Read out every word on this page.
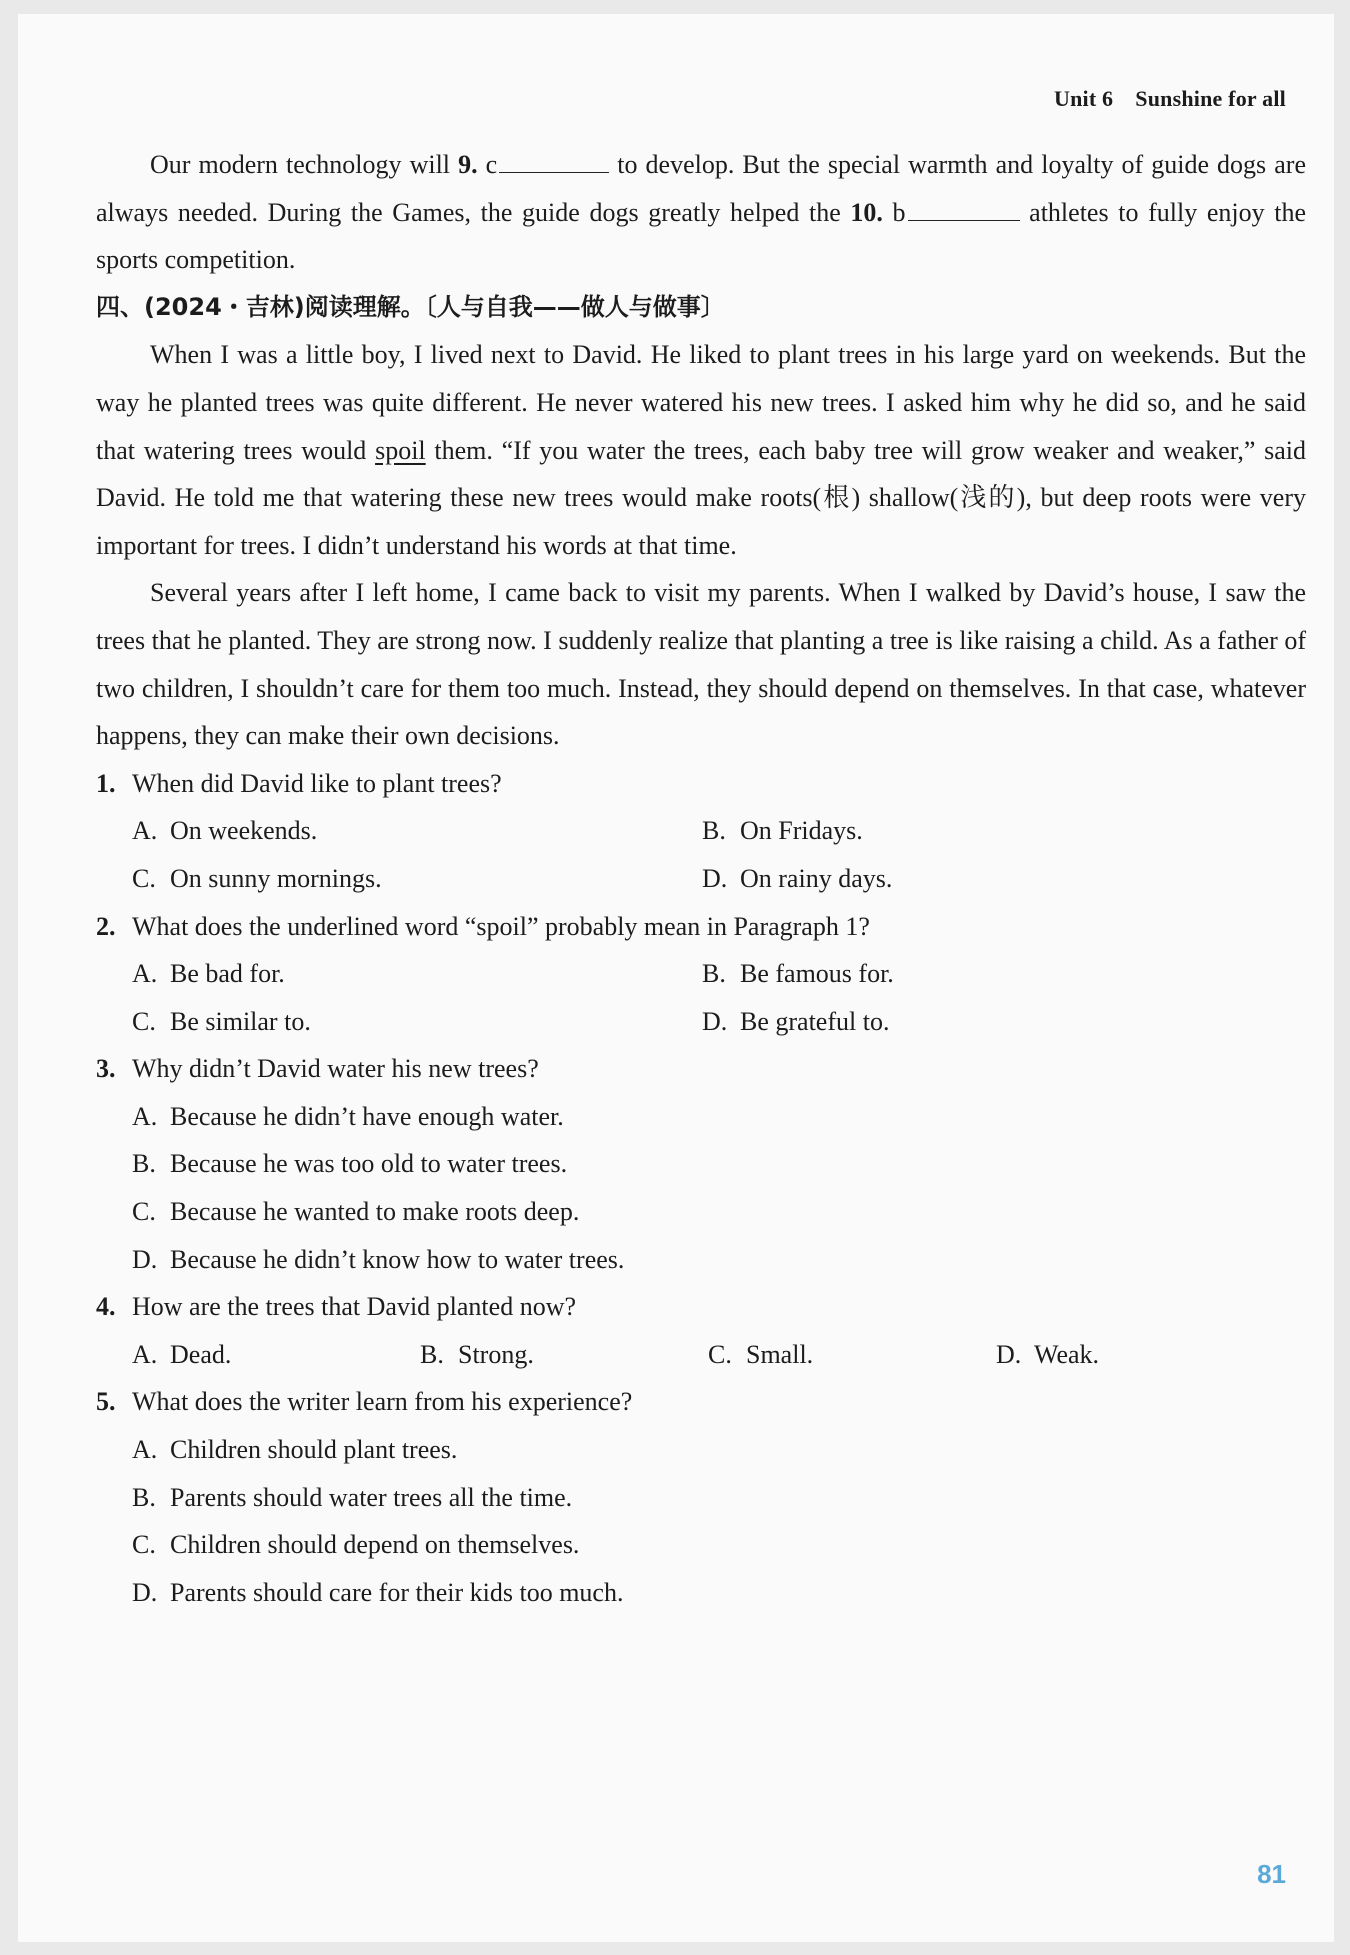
Unit 6 Sunshine for all

Our modern technology will 9. c	to develop. But the special warmth and loyalty of guide dogs are always needed. During the Games, the guide dogs greatly helped the 10. b	athletes to fully enjoy the sports competition.

四、(2024・吉林)阅读理解。〔人与自我——做人与做事〕

When I was a little boy, I lived next to David. He liked to plant trees in his large yard on weekends. But the way he planted trees was quite different. He never watered his new trees. I asked him why he did so, and he said that watering trees would spoil them. “If you water the trees, each baby tree will grow weaker and weaker,” said David. He told me that watering these new trees would make roots(根) shallow(浅的), but deep roots were very important for trees. I didn’t understand his words at that time.

Several years after I left home, I came back to visit my parents. When I walked by David’s house, I saw the trees that he planted. They are strong now. I suddenly realize that planting a tree is like raising a child. As a father of two children, I shouldn’t care for them too much. Instead, they should depend on themselves. In that case, whatever happens, they can make their own decisions.

1. When did David like to plant trees?

A. On weekends.	B. On Fridays.
C. On sunny mornings.	D. On rainy days.

2. What does the underlined word “spoil” probably mean in Paragraph 1?

A. Be bad for.	B. Be famous for.
C. Be similar to.	D. Be grateful to.

3. Why didn’t David water his new trees?

A. Because he didn’t have enough water.
B. Because he was too old to water trees.
C. Because he wanted to make roots deep.
D. Because he didn’t know how to water trees.

4. How are the trees that David planted now?

A. Dead.	B. Strong.	C. Small.	D. Weak.

5. What does the writer learn from his experience?

A. Children should plant trees.
B. Parents should water trees all the time.
C. Children should depend on themselves.
D. Parents should care for their kids too much.
81
